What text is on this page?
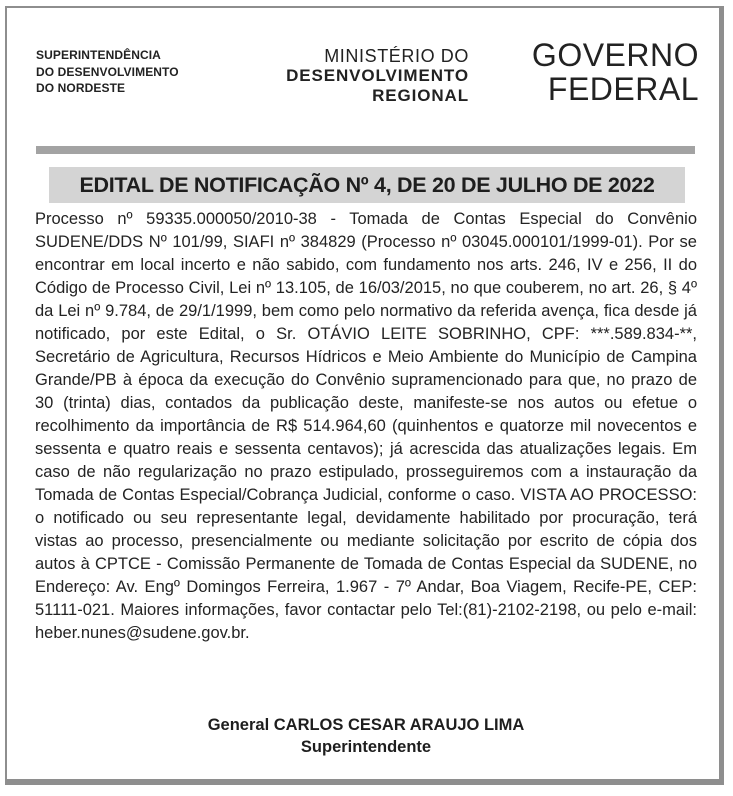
SUPERINTENDÊNCIA
DO DESENVOLVIMENTO
DO NORDESTE
MINISTÉRIO DO
DESENVOLVIMENTO
REGIONAL
GOVERNO
FEDERAL
EDITAL DE NOTIFICAÇÃO Nº 4, DE 20 DE JULHO DE 2022
Processo nº 59335.000050/2010-38 - Tomada de Contas Especial do Convênio SUDENE/DDS Nº 101/99, SIAFI nº 384829 (Processo nº 03045.000101/1999-01). Por se encontrar em local incerto e não sabido, com fundamento nos arts. 246, IV e 256, II do Código de Processo Civil, Lei nº 13.105, de 16/03/2015, no que couberem, no art. 26, § 4º da Lei nº 9.784, de 29/1/1999, bem como pelo normativo da referida avença, fica desde já notificado, por este Edital, o Sr. OTÁVIO LEITE SOBRINHO, CPF: ***.589.834-**, Secretário de Agricultura, Recursos Hídricos e Meio Ambiente do Município de Campina Grande/PB à época da execução do Convênio supramencionado para que, no prazo de 30 (trinta) dias, contados da publicação deste, manifeste-se nos autos ou efetue o recolhimento da importância de R$ 514.964,60 (quinhentos e quatorze mil novecentos e sessenta e quatro reais e sessenta centavos); já acrescida das atualizações legais. Em caso de não regularização no prazo estipulado, prosseguiremos com a instauração da Tomada de Contas Especial/Cobrança Judicial, conforme o caso. VISTA AO PROCESSO: o notificado ou seu representante legal, devidamente habilitado por procuração, terá vistas ao processo, presencialmente ou mediante solicitação por escrito de cópia dos autos à CPTCE - Comissão Permanente de Tomada de Contas Especial da SUDENE, no Endereço: Av. Engº Domingos Ferreira, 1.967 - 7º Andar, Boa Viagem, Recife-PE, CEP: 51111-021. Maiores informações, favor contactar pelo Tel:(81)-2102-2198, ou pelo e-mail: heber.nunes@sudene.gov.br.
General CARLOS CESAR ARAUJO LIMA
Superintendente
